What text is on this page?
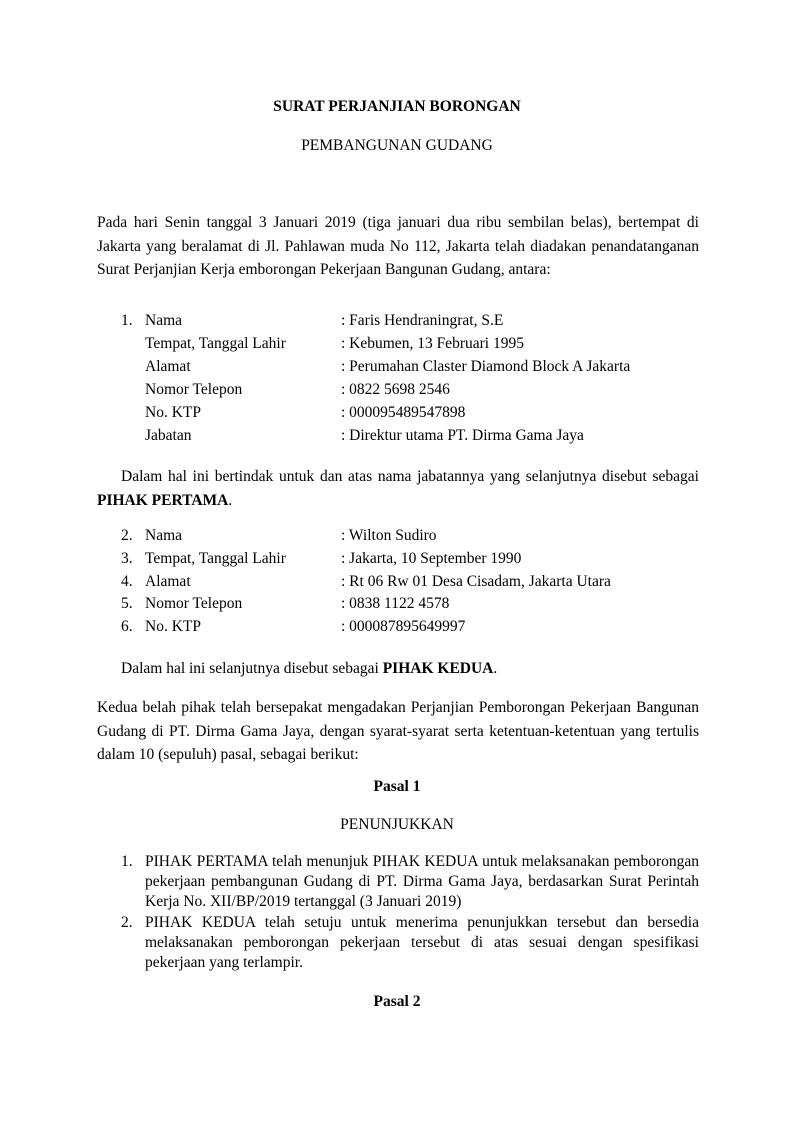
SURAT PERJANJIAN BORONGAN
PEMBANGUNAN GUDANG
Pada hari Senin tanggal 3 Januari 2019 (tiga januari dua ribu sembilan belas), bertempat di Jakarta yang beralamat di Jl. Pahlawan muda No 112, Jakarta telah diadakan penandatanganan Surat Perjanjian Kerja emborongan Pekerjaan Bangunan Gudang, antara:
1. Nama	: Faris Hendraningrat, S.E
Tempat, Tanggal Lahir	: Kebumen, 13 Februari 1995
Alamat	: Perumahan Claster Diamond Block A Jakarta
Nomor Telepon	: 0822 5698 2546
No. KTP	: 000095489547898
Jabatan	: Direktur utama PT. Dirma Gama Jaya
Dalam hal ini bertindak untuk dan atas nama jabatannya yang selanjutnya disebut sebagai PIHAK PERTAMA.
2. Nama	: Wilton Sudiro
3. Tempat, Tanggal Lahir	: Jakarta, 10 September 1990
4. Alamat	: Rt 06 Rw 01 Desa Cisadam, Jakarta Utara
5. Nomor Telepon	: 0838 1122 4578
6. No. KTP	: 000087895649997
Dalam hal ini selanjutnya disebut sebagai PIHAK KEDUA.
Kedua belah pihak telah bersepakat mengadakan Perjanjian Pemborongan Pekerjaan Bangunan Gudang di PT. Dirma Gama Jaya, dengan syarat-syarat serta ketentuan-ketentuan yang tertulis dalam 10 (sepuluh) pasal, sebagai berikut:
Pasal 1
PENUNJUKKAN
1. PIHAK PERTAMA telah menunjuk PIHAK KEDUA untuk melaksanakan pemborongan pekerjaan pembangunan Gudang di PT. Dirma Gama Jaya, berdasarkan Surat Perintah Kerja No. XII/BP/2019 tertanggal (3 Januari 2019)
2. PIHAK KEDUA telah setuju untuk menerima penunjukkan tersebut dan bersedia melaksanakan pemborongan pekerjaan tersebut di atas sesuai dengan spesifikasi pekerjaan yang terlampir.
Pasal 2
